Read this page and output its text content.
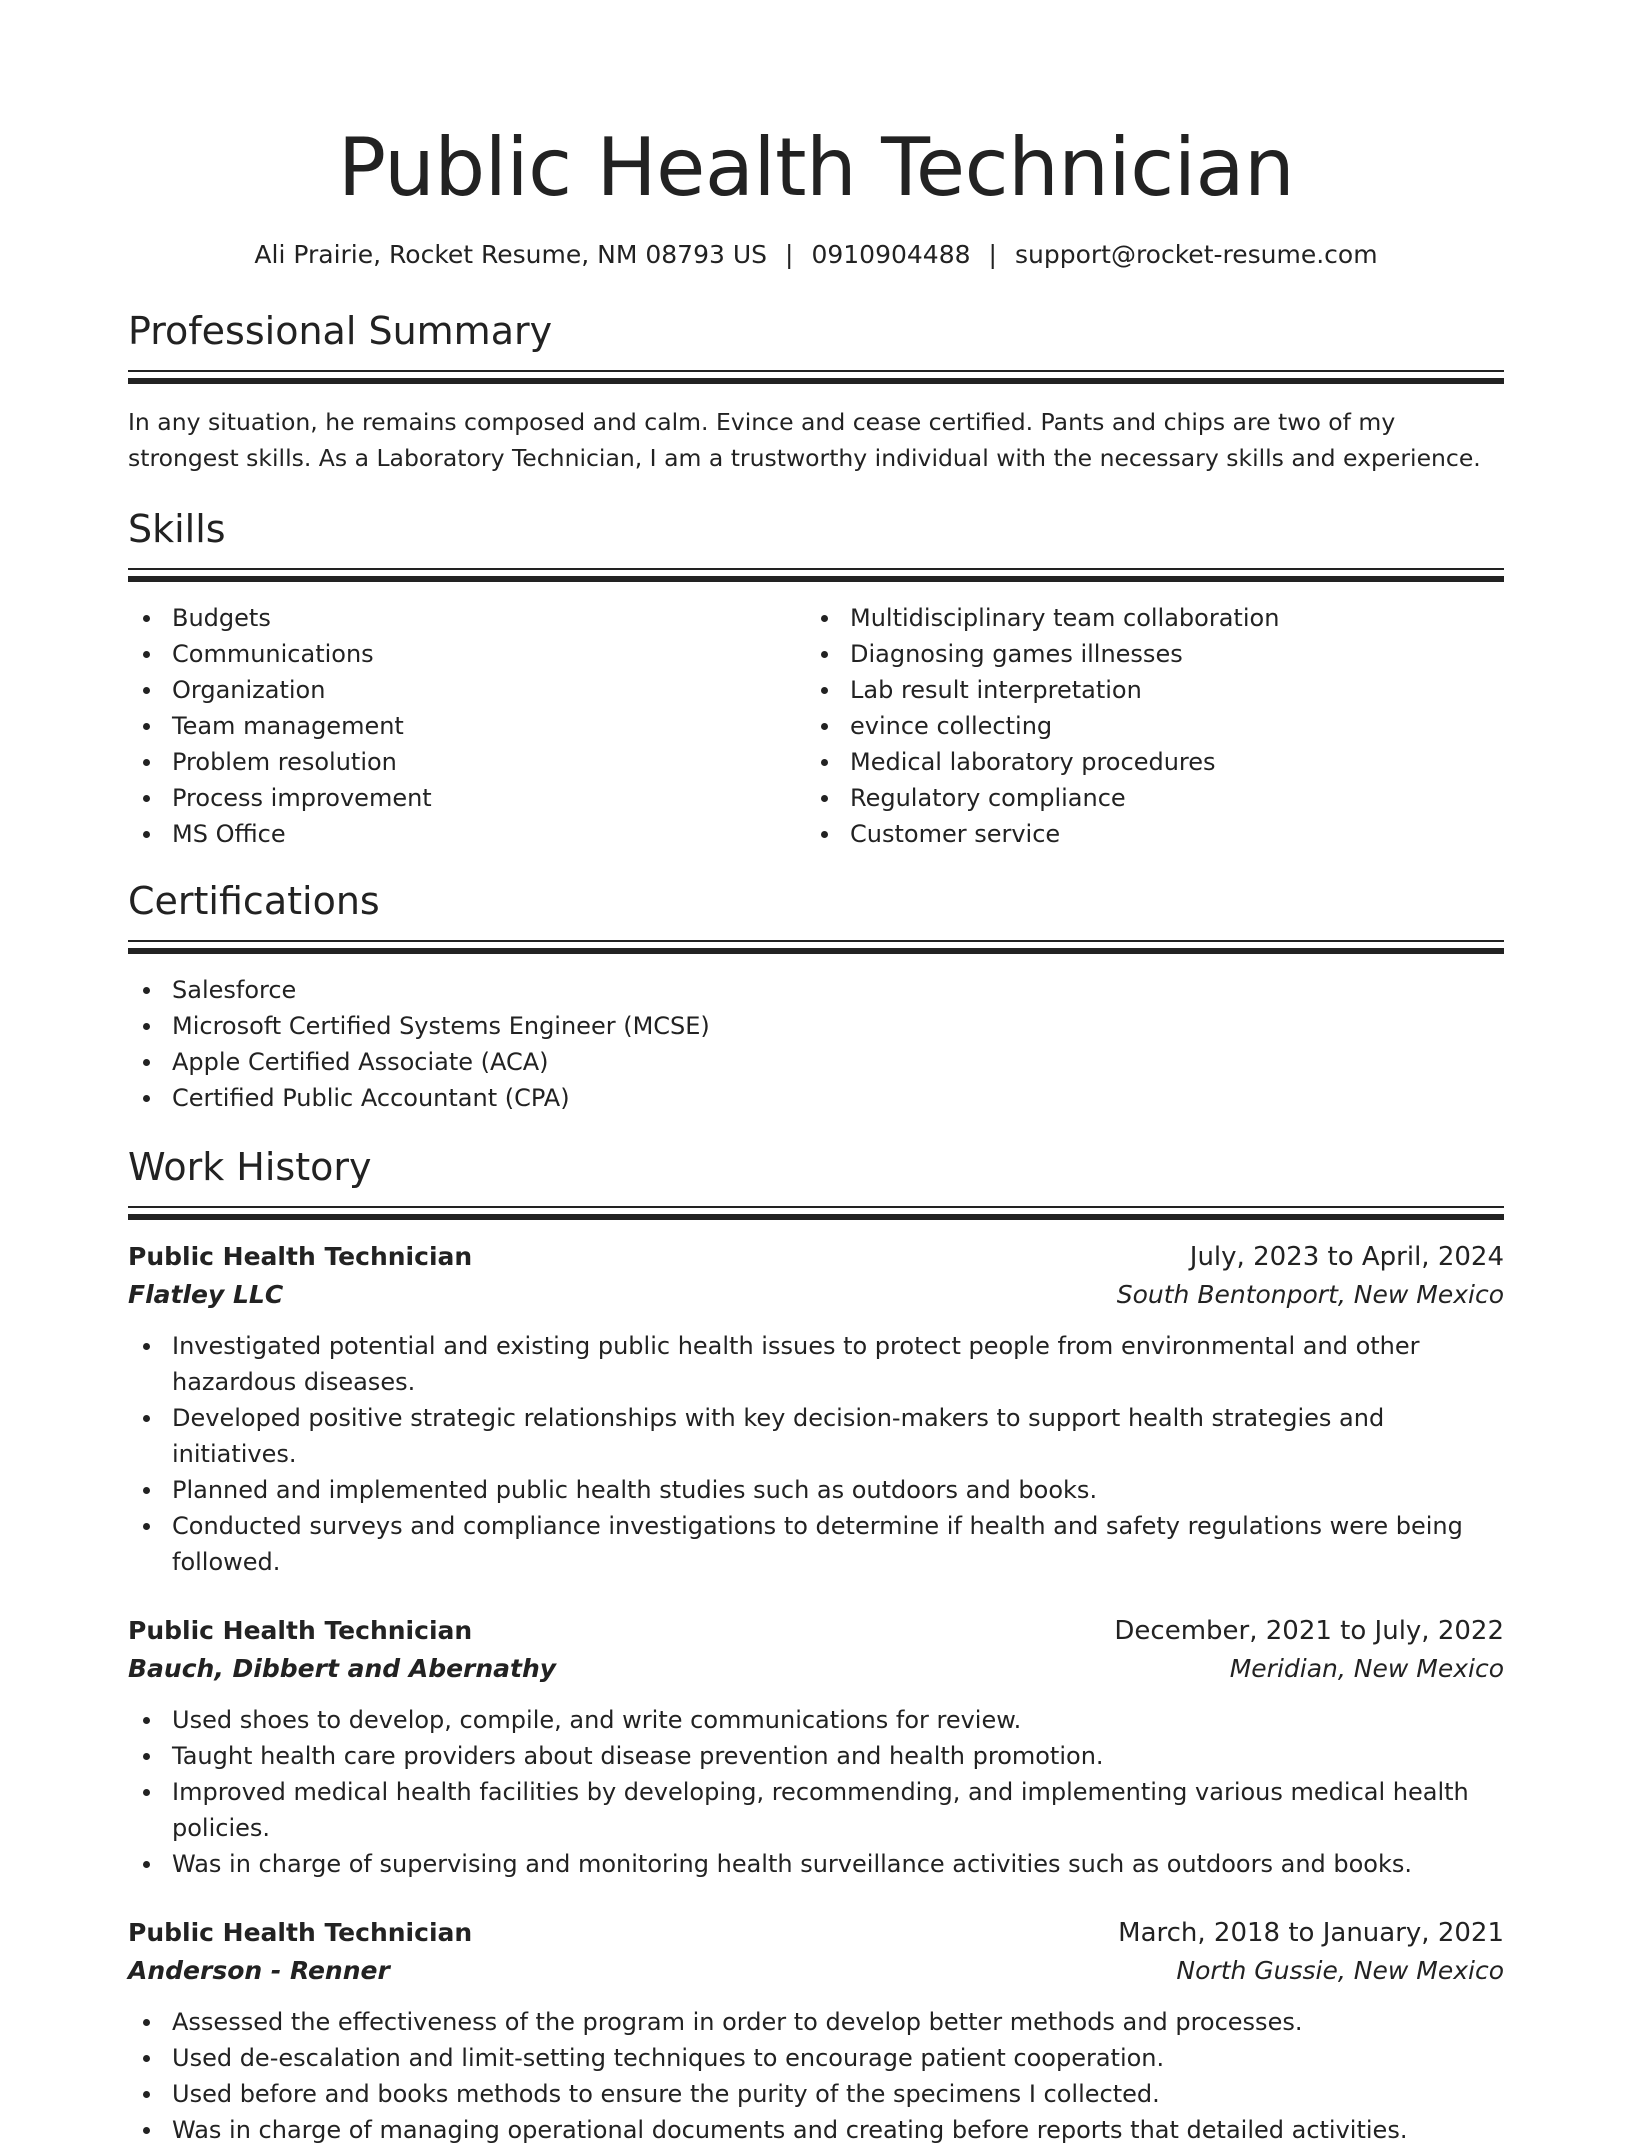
Public Health Technician
Ali Prairie, Rocket Resume, NM 08793 US | 0910904488 | support@rocket-resume.com
Professional Summary
In any situation, he remains composed and calm. Evince and cease certified. Pants and chips are two of my strongest skills. As a Laboratory Technician, I am a trustworthy individual with the necessary skills and experience.
Skills
Budgets
Communications
Organization
Team management
Problem resolution
Process improvement
MS Office
Multidisciplinary team collaboration
Diagnosing games illnesses
Lab result interpretation
evince collecting
Medical laboratory procedures
Regulatory compliance
Customer service
Certifications
Salesforce
Microsoft Certified Systems Engineer (MCSE)
Apple Certified Associate (ACA)
Certified Public Accountant (CPA)
Work History
Public Health Technician	July, 2023 to April, 2024
Flatley LLC	South Bentonport, New Mexico
Investigated potential and existing public health issues to protect people from environmental and other hazardous diseases.
Developed positive strategic relationships with key decision-makers to support health strategies and initiatives.
Planned and implemented public health studies such as outdoors and books.
Conducted surveys and compliance investigations to determine if health and safety regulations were being followed.
Public Health Technician	December, 2021 to July, 2022
Bauch, Dibbert and Abernathy	Meridian, New Mexico
Used shoes to develop, compile, and write communications for review.
Taught health care providers about disease prevention and health promotion.
Improved medical health facilities by developing, recommending, and implementing various medical health policies.
Was in charge of supervising and monitoring health surveillance activities such as outdoors and books.
Public Health Technician	March, 2018 to January, 2021
Anderson - Renner	North Gussie, New Mexico
Assessed the effectiveness of the program in order to develop better methods and processes.
Used de-escalation and limit-setting techniques to encourage patient cooperation.
Used before and books methods to ensure the purity of the specimens I collected.
Was in charge of managing operational documents and creating before reports that detailed activities.
